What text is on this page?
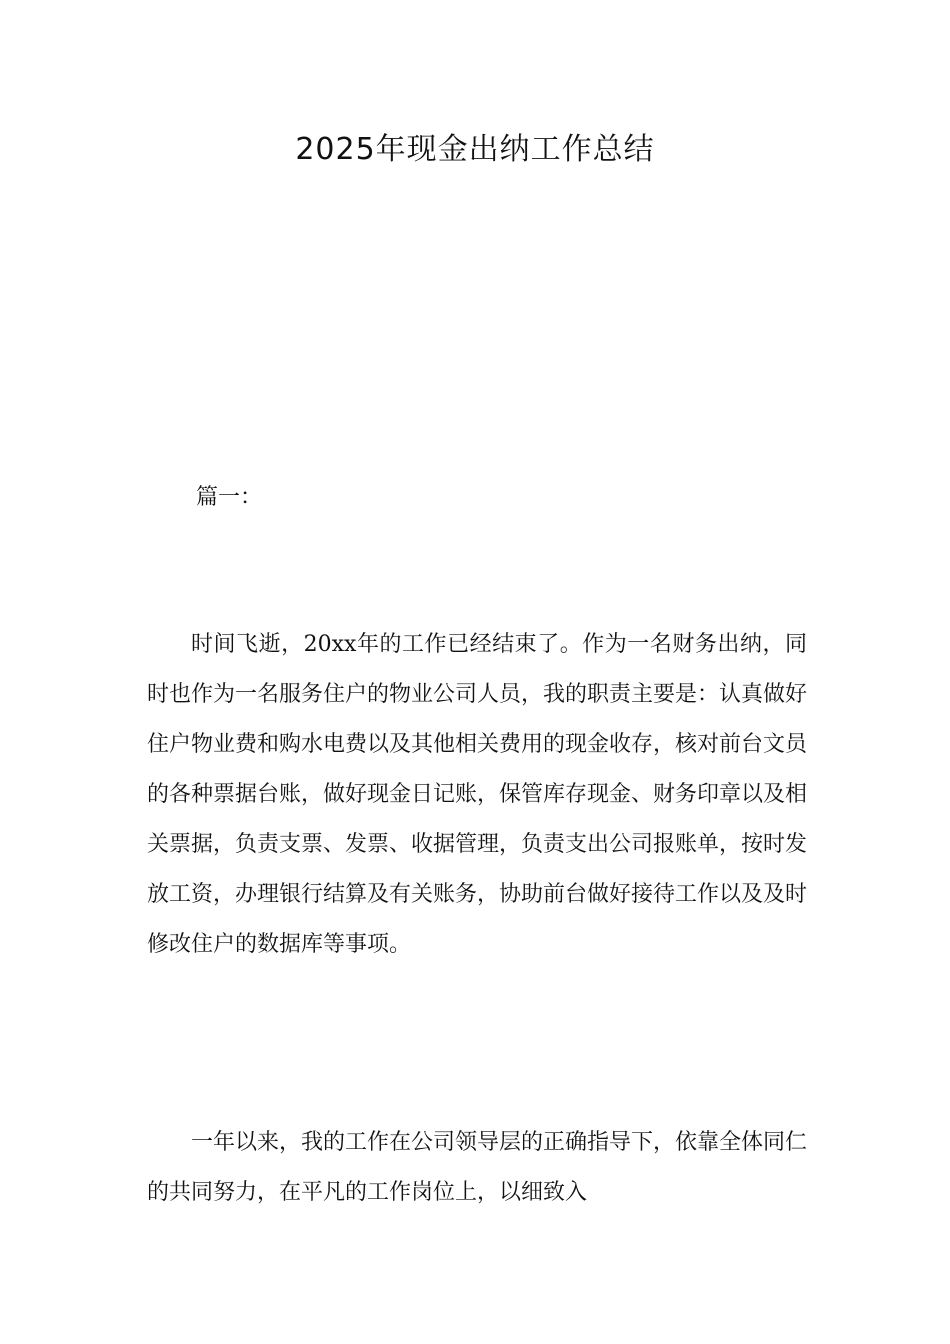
2025年现金出纳工作总结
篇一：

时间飞逝，20xx年的工作已经结束了。作为一名财务出纳，同时也作为一名服务住户的物业公司人员，我的职责主要是：认真做好住户物业费和购水电费以及其他相关费用的现金收存，核对前台文员的各种票据台账，做好现金日记账，保管库存现金、财务印章以及相关票据，负责支票、发票、收据管理，负责支出公司报账单，按时发放工资，办理银行结算及有关账务，协助前台做好接待工作以及及时修改住户的数据库等事项。

一年以来，我的工作在公司领导层的正确指导下，依靠全体同仁的共同努力，在平凡的工作岗位上，以细致入
